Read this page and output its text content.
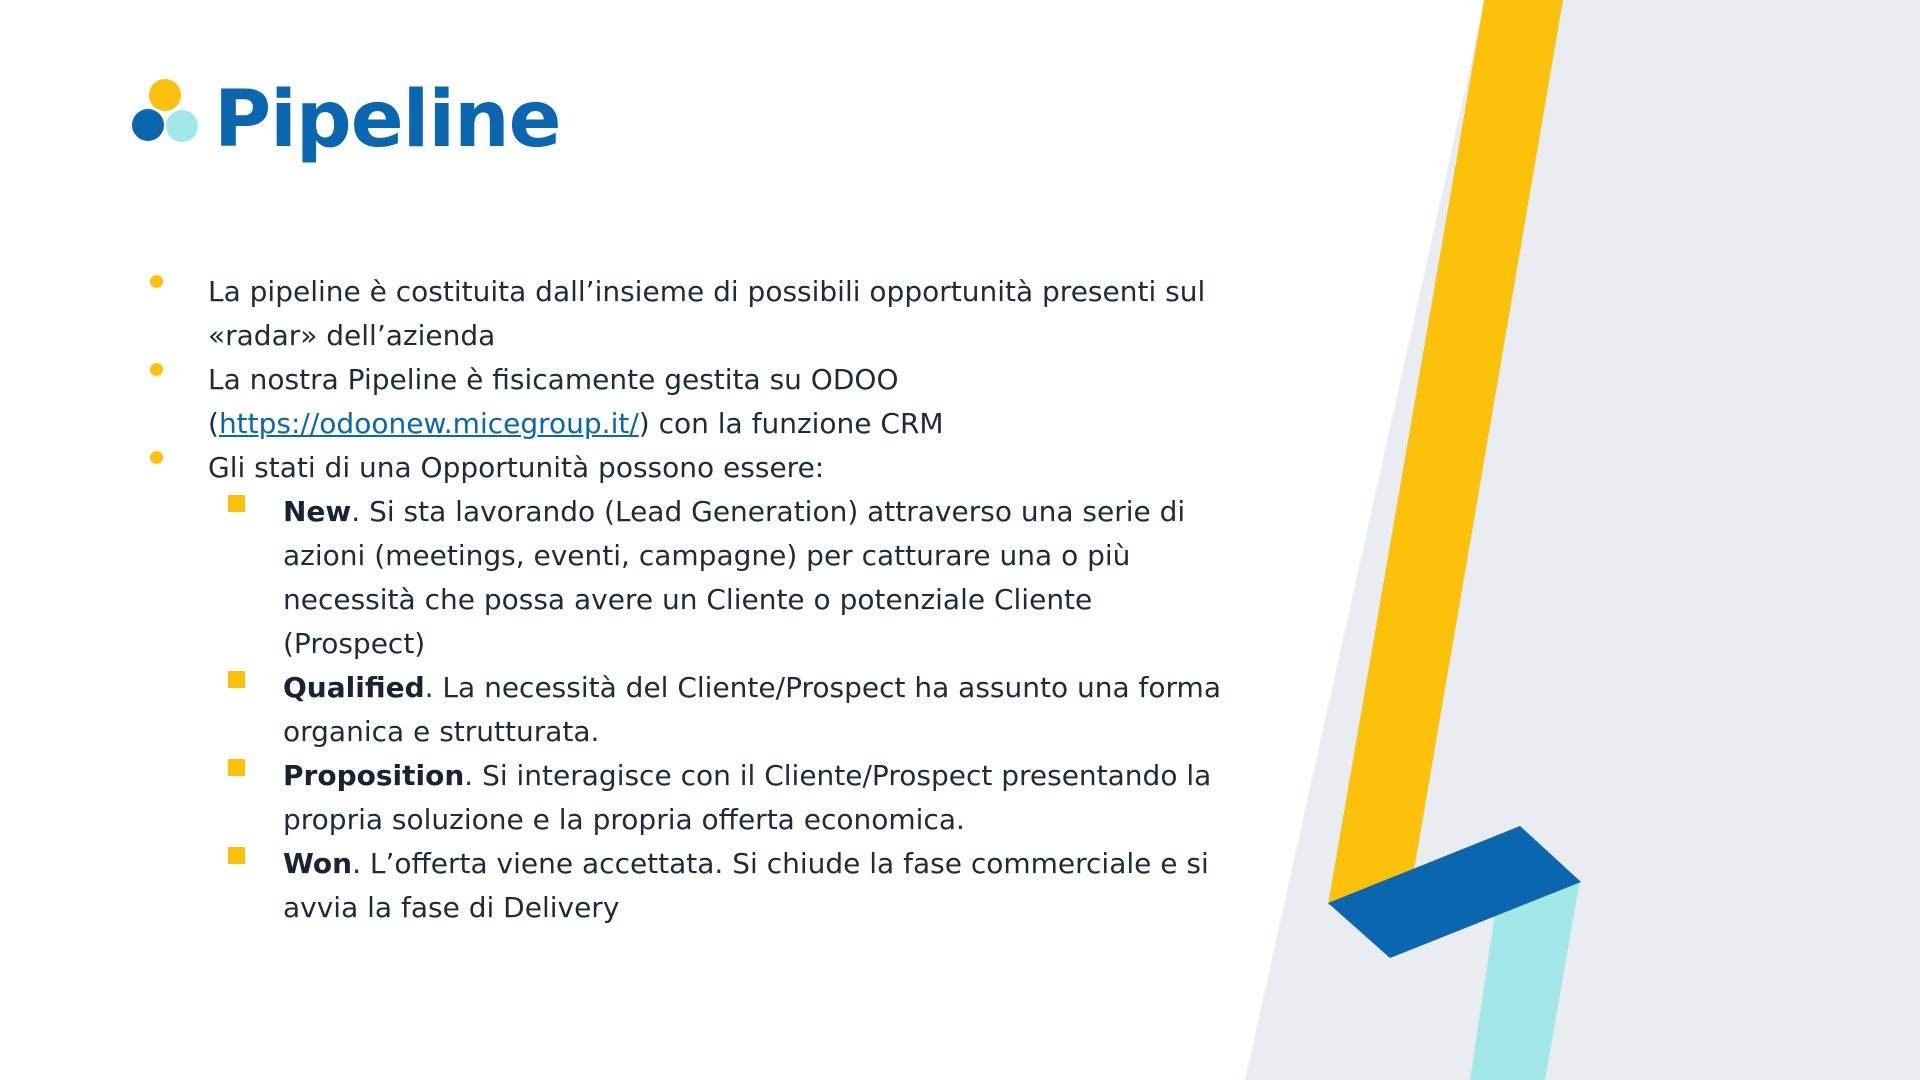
Pipeline

La pipeline è costituita dall’insieme di possibili opportunità presenti sul «radar» dell’azienda

La nostra Pipeline è fisicamente gestita su ODOO (https://odoonew.micegroup.it/) con la funzione CRM

Gli stati di una Opportunità possono essere:

New. Si sta lavorando (Lead Generation) attraverso una serie di azioni (meetings, eventi, campagne) per catturare una o più necessità che possa avere un Cliente o potenziale Cliente (Prospect)

Qualified. La necessità del Cliente/Prospect ha assunto una forma organica e strutturata.

Proposition. Si interagisce con il Cliente/Prospect presentando la propria soluzione e la propria offerta economica.

Won. L’offerta viene accettata. Si chiude la fase commerciale e si avvia la fase di Delivery
